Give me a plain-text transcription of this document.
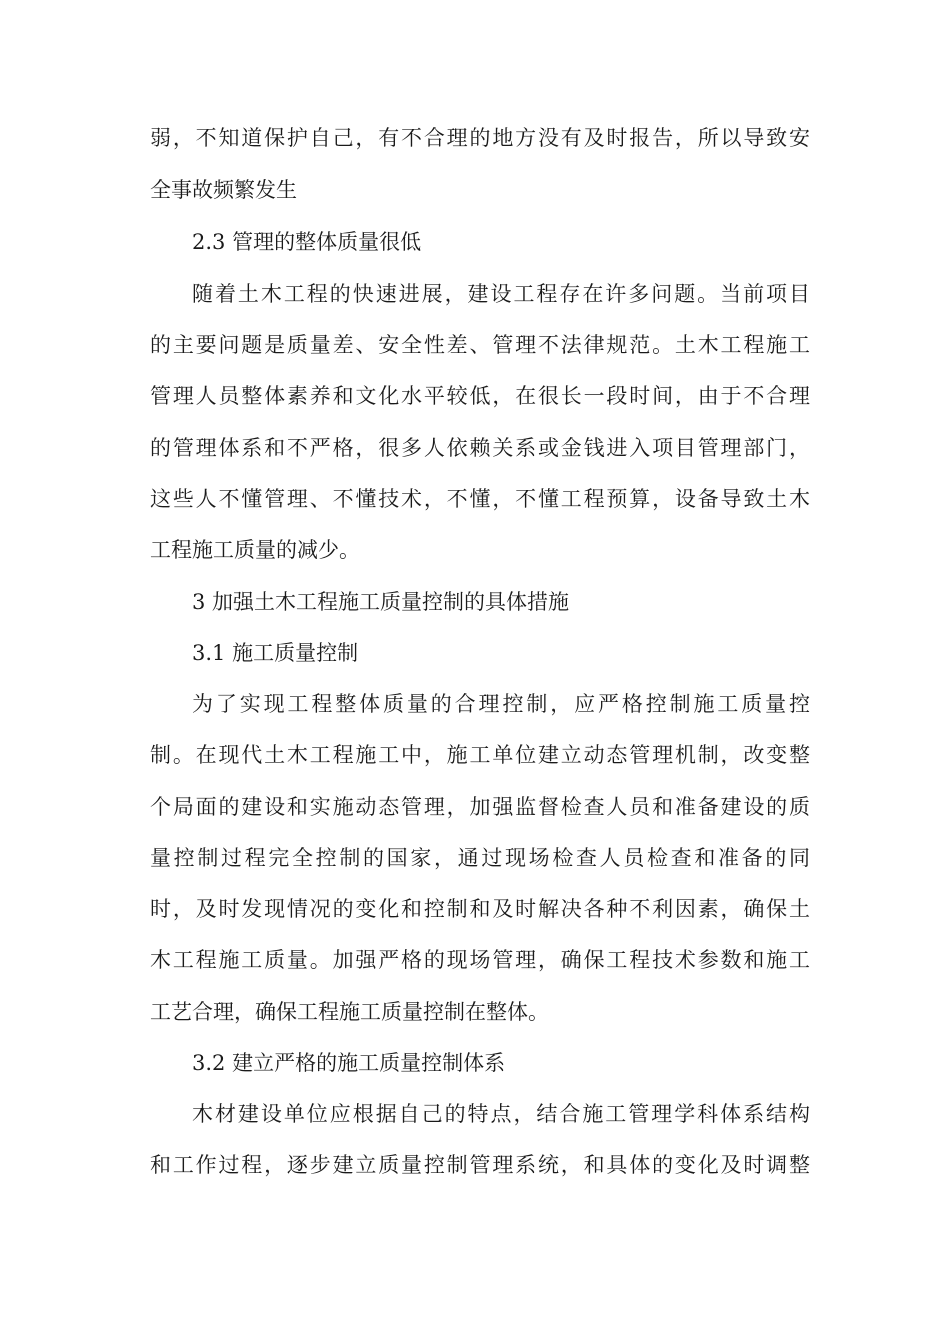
弱，不知道保护自己，有不合理的地方没有及时报告，所以导致安
全事故频繁发生
2.3 管理的整体质量很低
随着土木工程的快速进展，建设工程存在许多问题。当前项目
的主要问题是质量差、安全性差、管理不法律规范。土木工程施工
管理人员整体素养和文化水平较低，在很长一段时间，由于不合理
的管理体系和不严格，很多人依赖关系或金钱进入项目管理部门，
这些人不懂管理、不懂技术，不懂，不懂工程预算，设备导致土木
工程施工质量的减少。
3 加强土木工程施工质量控制的具体措施
3.1 施工质量控制
为了实现工程整体质量的合理控制，应严格控制施工质量控
制。在现代土木工程施工中，施工单位建立动态管理机制，改变整
个局面的建设和实施动态管理，加强监督检查人员和准备建设的质
量控制过程完全控制的国家，通过现场检查人员检查和准备的同
时，及时发现情况的变化和控制和及时解决各种不利因素，确保土
木工程施工质量。加强严格的现场管理，确保工程技术参数和施工
工艺合理，确保工程施工质量控制在整体。
3.2 建立严格的施工质量控制体系
木材建设单位应根据自己的特点，结合施工管理学科体系结构
和工作过程，逐步建立质量控制管理系统，和具体的变化及时调整
